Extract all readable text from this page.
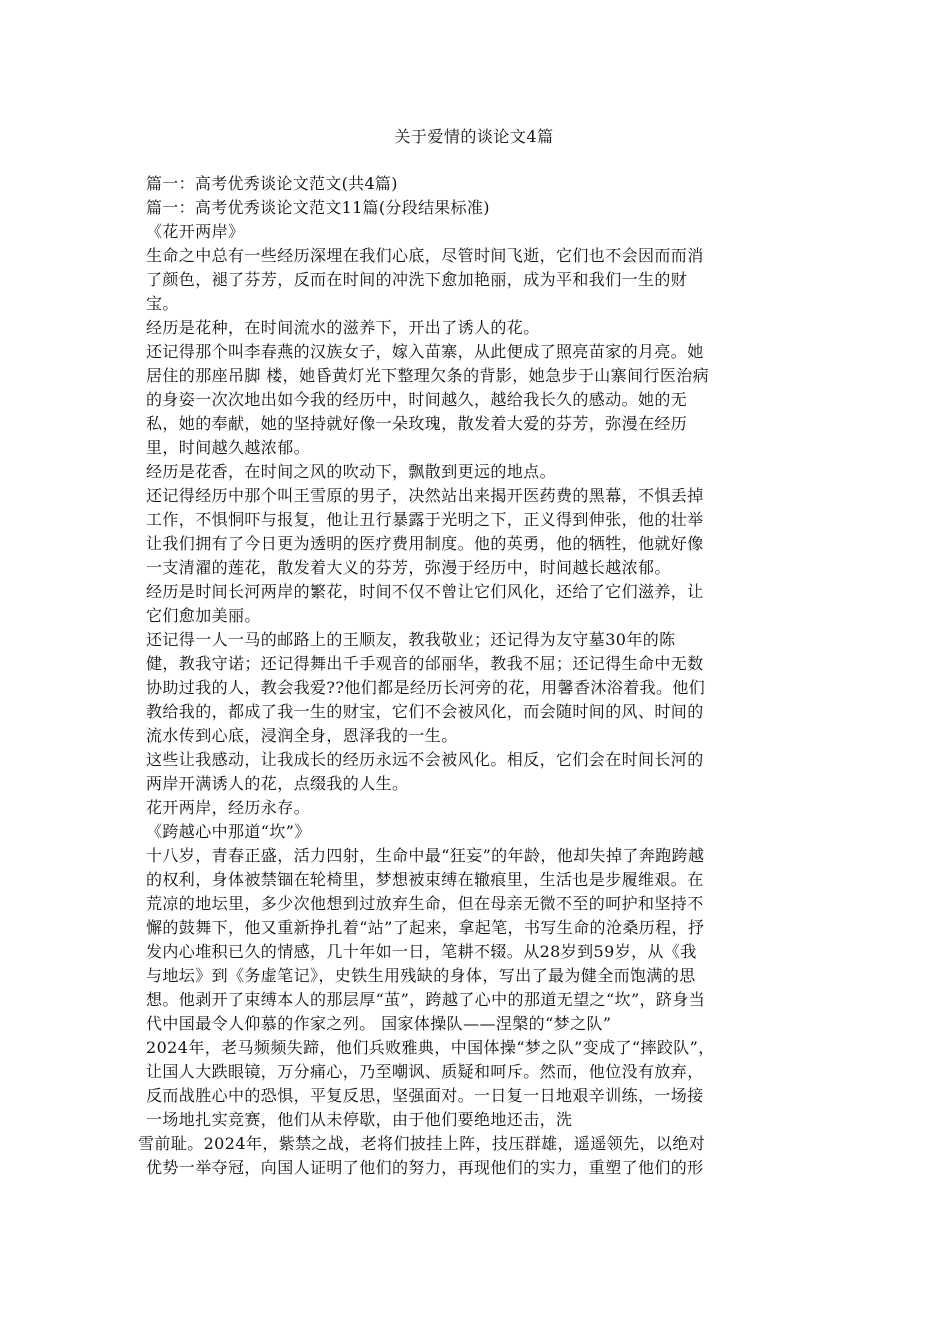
关于爱情的谈论文4篇
篇一：高考优秀谈论文范文(共4篇)
篇一：高考优秀谈论文范文11篇(分段结果标准)
《花开两岸》
生命之中总有一些经历深埋在我们心底，尽管时间飞逝，它们也不会因而而消
了颜色，褪了芬芳，反而在时间的冲洗下愈加艳丽，成为平和我们一生的财
宝。
经历是花种，在时间流水的滋养下，开出了诱人的花。
还记得那个叫李春燕的汉族女子，嫁入苗寨，从此便成了照亮苗家的月亮。她
居住的那座吊脚 楼，她昏黄灯光下整理欠条的背影，她急步于山寨间行医治病
的身姿一次次地出如今我的经历中，时间越久，越给我长久的感动。她的无
私，她的奉献，她的坚持就好像一朵玫瑰，散发着大爱的芬芳，弥漫在经历
里，时间越久越浓郁。
经历是花香，在时间之风的吹动下，飘散到更远的地点。
还记得经历中那个叫王雪原的男子，决然站出来揭开医药费的黑幕，不惧丢掉
工作，不惧恫吓与报复，他让丑行暴露于光明之下，正义得到伸张，他的壮举
让我们拥有了今日更为透明的医疗费用制度。他的英勇，他的牺牲，他就好像
一支清濯的莲花，散发着大义的芬芳，弥漫于经历中，时间越长越浓郁。
经历是时间长河两岸的繁花，时间不仅不曾让它们风化，还给了它们滋养，让
它们愈加美丽。
还记得一人一马的邮路上的王顺友，教我敬业；还记得为友守墓30年的陈
健，教我守诺；还记得舞出千手观音的邰丽华，教我不屈；还记得生命中无数
协助过我的人，教会我爱??他们都是经历长河旁的花，用馨香沐浴着我。他们
教给我的，都成了我一生的财宝，它们不会被风化，而会随时间的风、时间的
流水传到心底，浸润全身，恩泽我的一生。
这些让我感动，让我成长的经历永远不会被风化。相反，它们会在时间长河的
两岸开满诱人的花，点缀我的人生。
花开两岸，经历永存。
《跨越心中那道“坎”》
十八岁，青春正盛，活力四射，生命中最“狂妄”的年龄，他却失掉了奔跑跨越
的权利，身体被禁锢在轮椅里，梦想被束缚在辙痕里，生活也是步履维艰。在
荒凉的地坛里，多少次他想到过放弃生命，但在母亲无微不至的呵护和坚持不
懈的鼓舞下，他又重新挣扎着“站”了起来，拿起笔，书写生命的沧桑历程，抒
发内心堆积已久的情感，几十年如一日，笔耕不辍。从28岁到59岁，从《我
与地坛》到《务虚笔记》，史铁生用残缺的身体，写出了最为健全而饱满的思
想。他剥开了束缚本人的那层厚“茧”，跨越了心中的那道无望之“坎”，跻身当
代中国最令人仰慕的作家之列。 国家体操队——涅槃的“梦之队”
2024年，老马频频失蹄，他们兵败雅典，中国体操“梦之队”变成了“摔跤队”，
让国人大跌眼镜，万分痛心，乃至嘲讽、质疑和呵斥。然而，他位没有放弃，
反而战胜心中的恐惧，平复反思，坚强面对。一日复一日地艰辛训练，一场接
一场地扎实竞赛，他们从未停歇，由于他们要绝地还击，洗
雪前耻。2024年，紫禁之战，老将们披挂上阵，技压群雄，遥遥领先，以绝对
优势一举夺冠，向国人证明了他们的努力，再现他们的实力，重塑了他们的形
